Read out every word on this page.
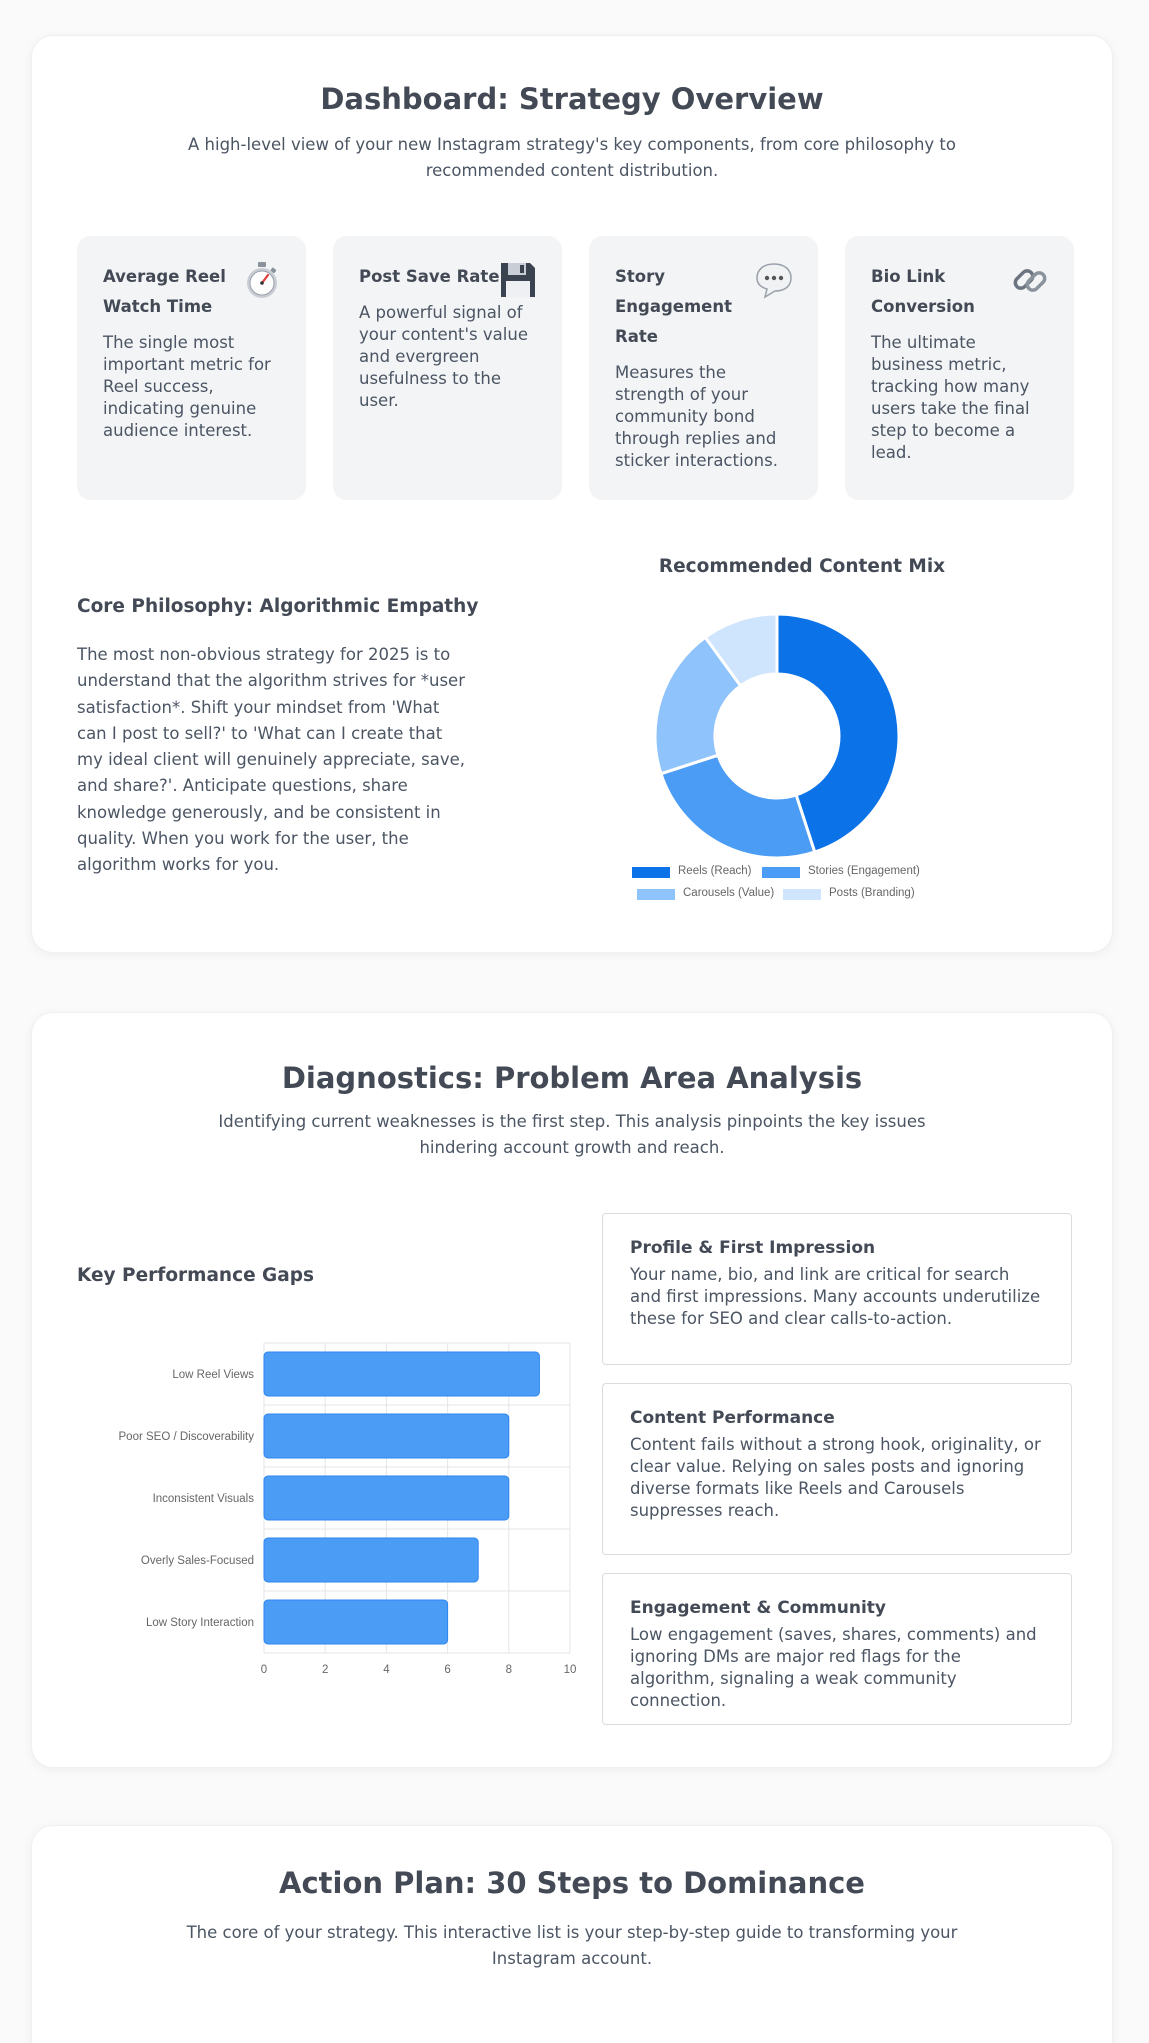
Dashboard: Strategy Overview
A high-level view of your new Instagram strategy's key components, from core philosophy to recommended content distribution.
Average Reel Watch Time
The single most important metric for Reel success, indicating genuine audience interest.
Post Save Rate
A powerful signal of your content's value and evergreen usefulness to the user.
Story Engagement Rate
Measures the strength of your community bond through replies and sticker interactions.
Bio Link Conversion
The ultimate business metric, tracking how many users take the final step to become a lead.
Core Philosophy: Algorithmic Empathy
The most non-obvious strategy for 2025 is to understand that the algorithm strives for *user satisfaction*. Shift your mindset from 'What can I post to sell?' to 'What can I create that my ideal client will genuinely appreciate, save, and share?'. Anticipate questions, share knowledge generously, and be consistent in quality. When you work for the user, the algorithm works for you.
Recommended Content Mix
Reels (Reach)	Stories (Engagement)
Carousels (Value)	Posts (Branding)
Diagnostics: Problem Area Analysis
Identifying current weaknesses is the first step. This analysis pinpoints the key issues hindering account growth and reach.
Key Performance Gaps
0	2	4	6	8	10
Low Reel Views
Poor SEO / Discoverability
Inconsistent Visuals
Overly Sales-Focused
Low Story Interaction
Profile & First Impression
Your name, bio, and link are critical for search and first impressions. Many accounts underutilize these for SEO and clear calls-to-action.
Content Performance
Content fails without a strong hook, originality, or clear value. Relying on sales posts and ignoring diverse formats like Reels and Carousels suppresses reach.
Engagement & Community
Low engagement (saves, shares, comments) and ignoring DMs are major red flags for the algorithm, signaling a weak community connection.
Action Plan: 30 Steps to Dominance
The core of your strategy. This interactive list is your step-by-step guide to transforming your Instagram account.
